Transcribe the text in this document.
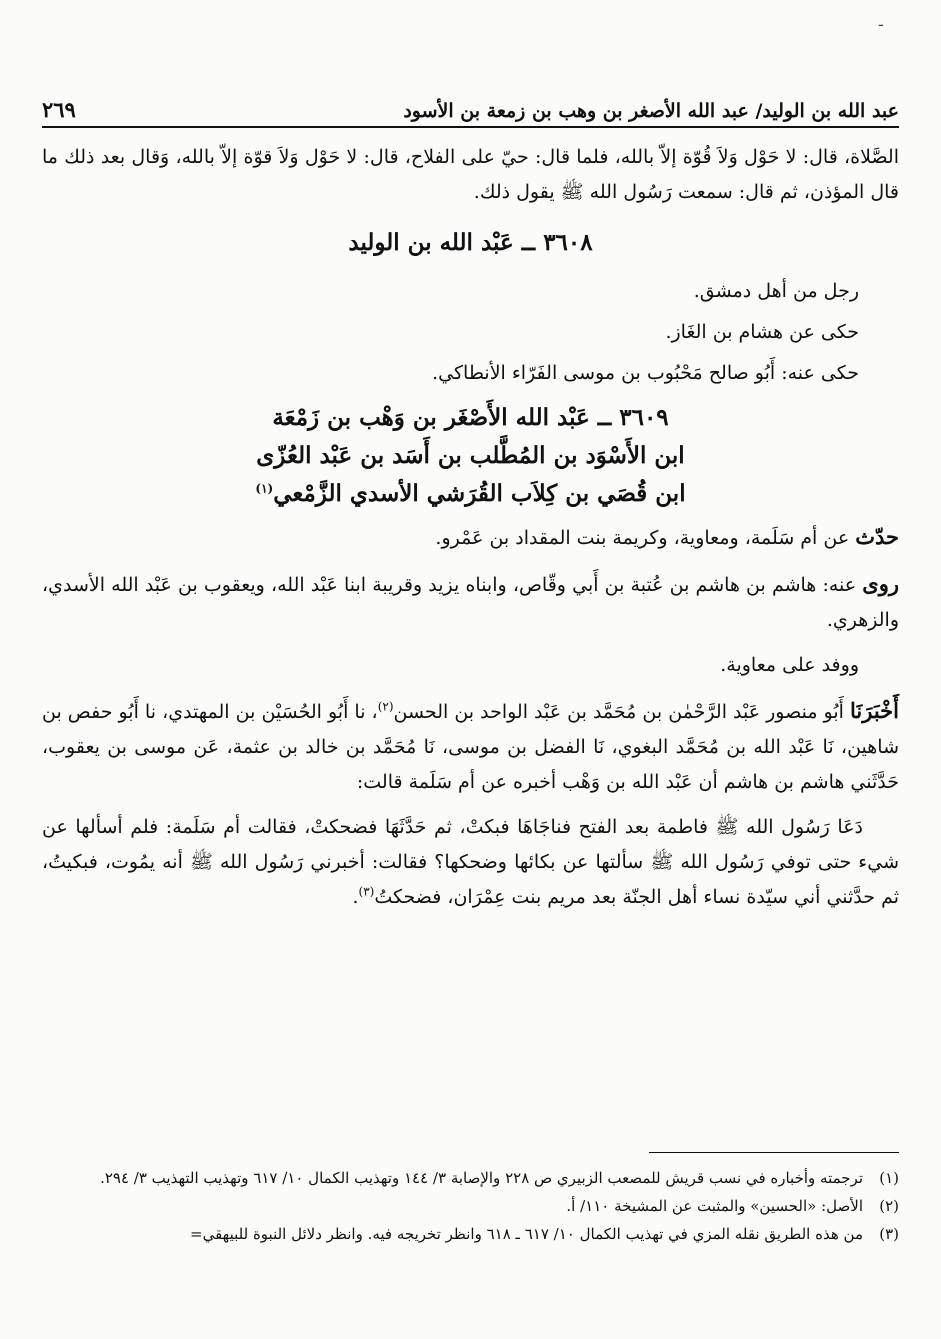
ـ
عبد الله بن الوليد/ عبد الله الأصغر بن وهب بن زمعة بن الأسود
٢٦٩

الصَّلاة، قال: لا حَوْل وَلاَ قُوّة إلاّ بالله، فلما قال: حيّ على الفلاح، قال: لا حَوْل وَلاَ قوّة إلاّ بالله، وَقال بعد ذلك ما قال المؤذن، ثم قال: سمعت رَسُول الله ﷺ يقول ذلك.

٣٦٠٨ ــ عَبْد الله بن الوليد

رجل من أهل دمشق.

حكى عن هشام بن الغَاز.

حكى عنه: أَبُو صالح مَحْبُوب بن موسى الفَرّاء الأنطاكي.

٣٦٠٩ ــ عَبْد الله الأَصْغَر بن وَهْب بن زَمْعَة
ابن الأَسْوَد بن المُطَّلب بن أَسَد بن عَبْد العُزّى
ابن قُصَي بن كِلاَب القُرَشي الأسدي الزَّمْعي$^{(١)}$

حدّث عن أم سَلَمة، ومعاوية، وكريمة بنت المقداد بن عَمْرو.

روى عنه: هاشم بن هاشم بن عُتبة بن أَبي وقّاص، وابناه يزيد وقريبة ابنا عَبْد الله، ويعقوب بن عَبْد الله الأسدي، والزهري.

ووفد على معاوية.

أَخْبَرَنَا أَبُو منصور عَبْد الرَّحْمٰن بن مُحَمَّد بن عَبْد الواحد بن الحسن$^{(٢)}$، نا أَبُو الحُسَيْن بن المهتدي، نا أَبُو حفص بن شاهين، نَا عَبْد الله بن مُحَمَّد البغوي، نَا الفضل بن موسى، نَا مُحَمَّد بن خالد بن عثمة، عَن موسى بن يعقوب، حَدَّثَني هاشم بن هاشم أن عَبْد الله بن وَهْب أخبره عن أم سَلَمة قالت:

دَعَا رَسُول الله ﷺ فاطمة بعد الفتح فناجَاهَا فبكتْ، ثم حَدَّثَهَا فضحكتْ، فقالت أم سَلَمة: فلم أسألها عن شيء حتى توفي رَسُول الله ﷺ سألتها عن بكائها وضحكها؟ فقالت: أخبرني رَسُول الله ﷺ أنه يمُوت، فبكيتُ، ثم حدَّثني أني سيّدة نساء أهل الجنّة بعد مريم بنت عِمْرَان، فضحكتُ$^{(٣)}$.

(١)
ترجمته وأخباره في نسب قريش للمصعب الزبيري ص ٢٢٨ والإصابة ٣/ ١٤٤ وتهذيب الكمال ١٠/ ٦١٧ وتهذيب التهذيب ٣/ ٢٩٤.
(٢)
الأصل: «الحسين» والمثبت عن المشيخة ١١٠/ أ.
(٣)
من هذه الطريق نقله المزي في تهذيب الكمال ١٠/ ٦١٧ ـ ٦١٨ وانظر تخريجه فيه. وانظر دلائل النبوة للبيهقي=
